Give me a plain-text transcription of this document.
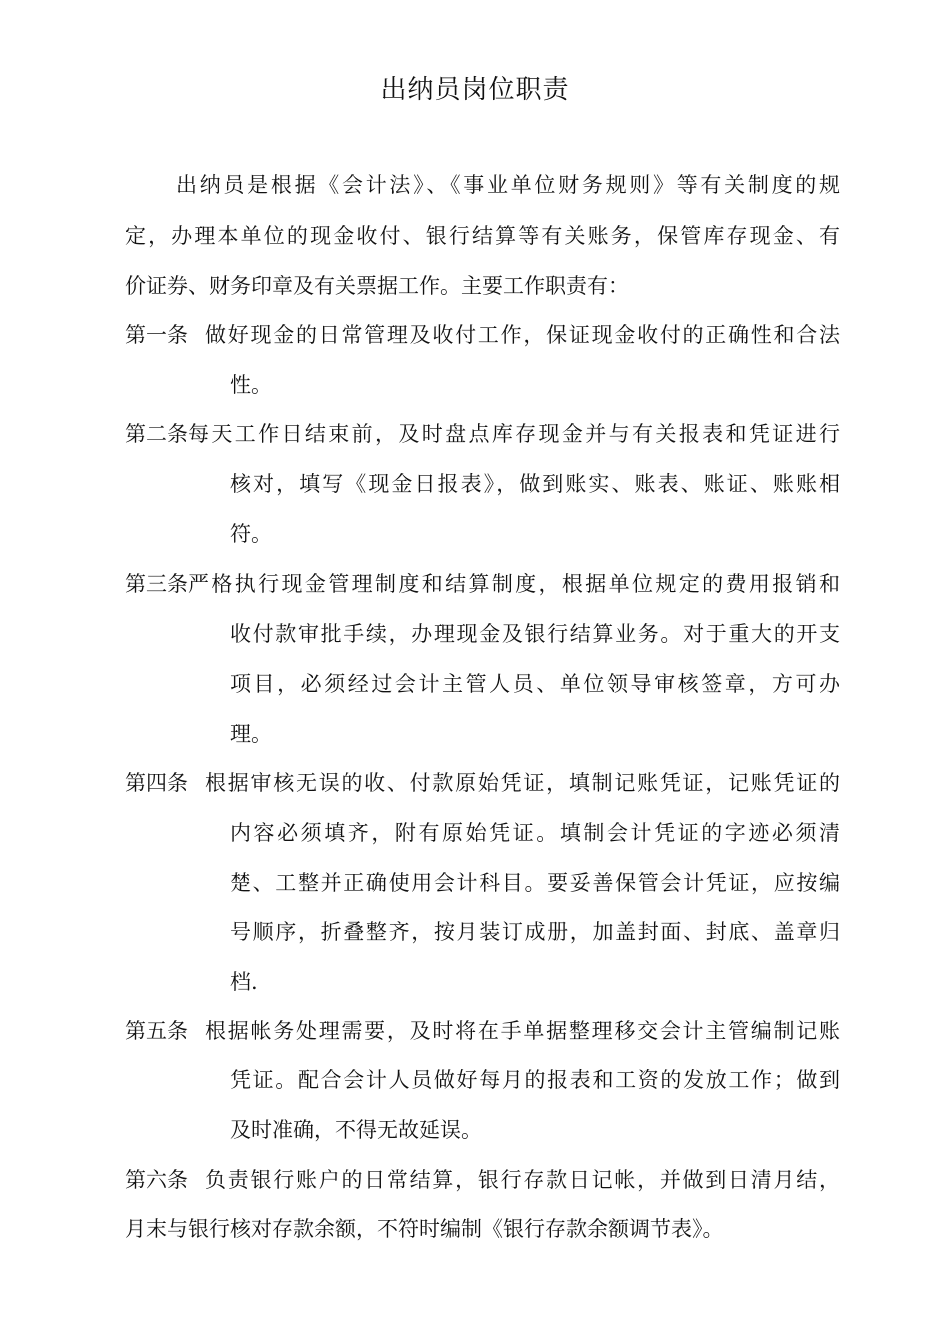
出纳员岗位职责
出纳员是根据《会计法》、《事业单位财务规则》等有关制度的规
定，办理本单位的现金收付、银行结算等有关账务，保管库存现金、有
价证券、财务印章及有关票据工作。主要工作职责有：
第一条 做好现金的日常管理及收付工作，保证现金收付的正确性和合法
性。
第二条 每天工作日结束前，及时盘点库存现金并与有关报表和凭证进行
核对，填写《现金日报表》，做到账实、账表、账证、账账相
符。
第三条 严格执行现金管理制度和结算制度，根据单位规定的费用报销和
收付款审批手续，办理现金及银行结算业务。对于重大的开支
项目，必须经过会计主管人员、单位领导审核签章，方可办
理。
第四条 根据审核无误的收、付款原始凭证，填制记账凭证，记账凭证的
内容必须填齐，附有原始凭证。填制会计凭证的字迹必须清
楚、工整并正确使用会计科目。要妥善保管会计凭证，应按编
号顺序，折叠整齐，按月装订成册，加盖封面、封底、盖章归
档.
第五条 根据帐务处理需要，及时将在手单据整理移交会计主管编制记账
凭证。配合会计人员做好每月的报表和工资的发放工作；做到
及时准确，不得无故延误。
第六条 负责银行账户的日常结算，银行存款日记帐，并做到日清月结，
月末与银行核对存款余额，不符时编制《银行存款余额调节表》。
